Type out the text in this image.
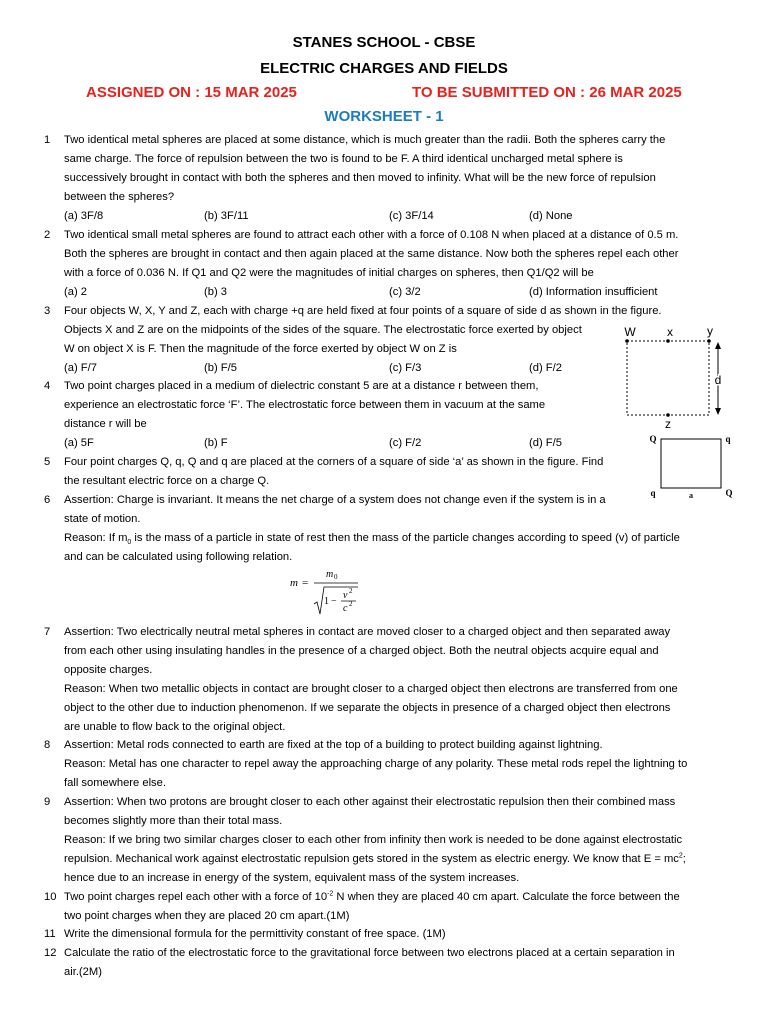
STANES SCHOOL - CBSE
ELECTRIC CHARGES AND FIELDS
ASSIGNED ON : 15 MAR 2025	TO BE SUBMITTED ON : 26 MAR 2025
WORKSHEET - 1
1 Two identical metal spheres are placed at some distance, which is much greater than the radii. Both the spheres carry the
same charge. The force of repulsion between the two is found to be F. A third identical uncharged metal sphere is
successively brought in contact with both the spheres and then moved to infinity. What will be the new force of repulsion
between the spheres?
(a) 3F/8	(b) 3F/11	(c) 3F/14	(d) None
2 Two identical small metal spheres are found to attract each other with a force of 0.108 N when placed at a distance of 0.5 m.
Both the spheres are brought in contact and then again placed at the same distance. Now both the spheres repel each other
with a force of 0.036 N. If Q1 and Q2 were the magnitudes of initial charges on spheres, then Q1/Q2 will be
(a) 2	(b) 3	(c) 3/2	(d) Information insufficient
3 Four objects W, X, Y and Z, each with charge +q are held fixed at four points of a square of side d as shown in the figure.
Objects X and Z are on the midpoints of the sides of the square. The electrostatic force exerted by object
W on object X is F. Then the magnitude of the force exerted by object W on Z is
(a) F/7	(b) F/5	(c) F/3	(d) F/2
W	x	y
z
d
4 Two point charges placed in a medium of dielectric constant 5 are at a distance r between them,
experience an electrostatic force ‘F’. The electrostatic force between them in vacuum at the same
distance r will be
(a) 5F	(b) F	(c) F/2	(d) F/5	Q	q
q	a	Q
5 Four point charges Q, q, Q and q are placed at the corners of a square of side ‘a’ as shown in the figure. Find
the resultant electric force on a charge Q.
6 Assertion: Charge is invariant. It means the net charge of a system does not change even if the system is in a
state of motion.
Reason: If $m_0$ is the mass of a particle in state of rest then the mass of the particle changes according to speed (v) of particle
and can be calculated using following relation.
m =
m 0
1 −
v 2
c 2
7 Assertion: Two electrically neutral metal spheres in contact are moved closer to a charged object and then separated away
from each other using insulating handles in the presence of a charged object. Both the neutral objects acquire equal and
opposite charges.
Reason: When two metallic objects in contact are brought closer to a charged object then electrons are transferred from one
object to the other due to induction phenomenon. If we separate the objects in presence of a charged object then electrons
are unable to flow back to the original object.
8 Assertion: Metal rods connected to earth are fixed at the top of a building to protect building against lightning.
Reason: Metal has one character to repel away the approaching charge of any polarity. These metal rods repel the lightning to
fall somewhere else.
9 Assertion: When two protons are brought closer to each other against their electrostatic repulsion then their combined mass
becomes slightly more than their total mass.
Reason: If we bring two similar charges closer to each other from infinity then work is needed to be done against electrostatic
repulsion. Mechanical work against electrostatic repulsion gets stored in the system as electric energy. We know that $E = mc^2$;
hence due to an increase in energy of the system, equivalent mass of the system increases.
10 Two point charges repel each other with a force of $10^{-2}$ N when they are placed 40 cm apart. Calculate the force between the
two point charges when they are placed 20 cm apart.(1M)
11 Write the dimensional formula for the permittivity constant of free space. (1M)
12 Calculate the ratio of the electrostatic force to the gravitational force between two electrons placed at a certain separation in
air.(2M)
